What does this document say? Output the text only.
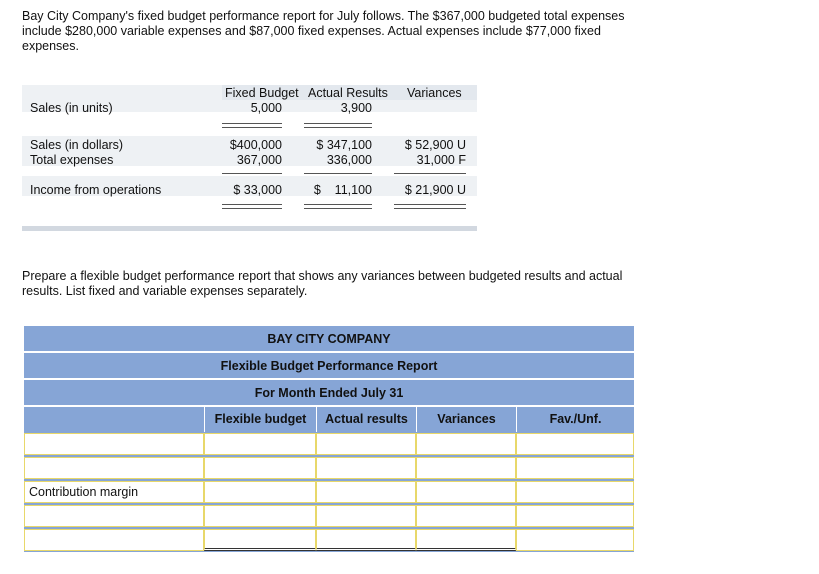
Bay City Company's fixed budget performance report for July follows. The $367,000 budgeted total expenses include $280,000 variable expenses and $87,000 fixed expenses. Actual expenses include $77,000 fixed expenses.
Fixed Budget Actual Results Variances
Sales (in units)	5,000	3,900
Sales (in dollars)	$400,000	$ 347,100	$ 52,900 U
Total expenses	367,000	336,000	31,000 F
Income from operations	$ 33,000	$    11,100	$ 21,900 U
Prepare a flexible budget performance report that shows any variances between budgeted results and actual results. List fixed and variable expenses separately.
BAY CITY COMPANY
Flexible Budget Performance Report
For Month Ended July 31
Flexible budget	Actual results	Variances	Fav./Unf.
Contribution margin
